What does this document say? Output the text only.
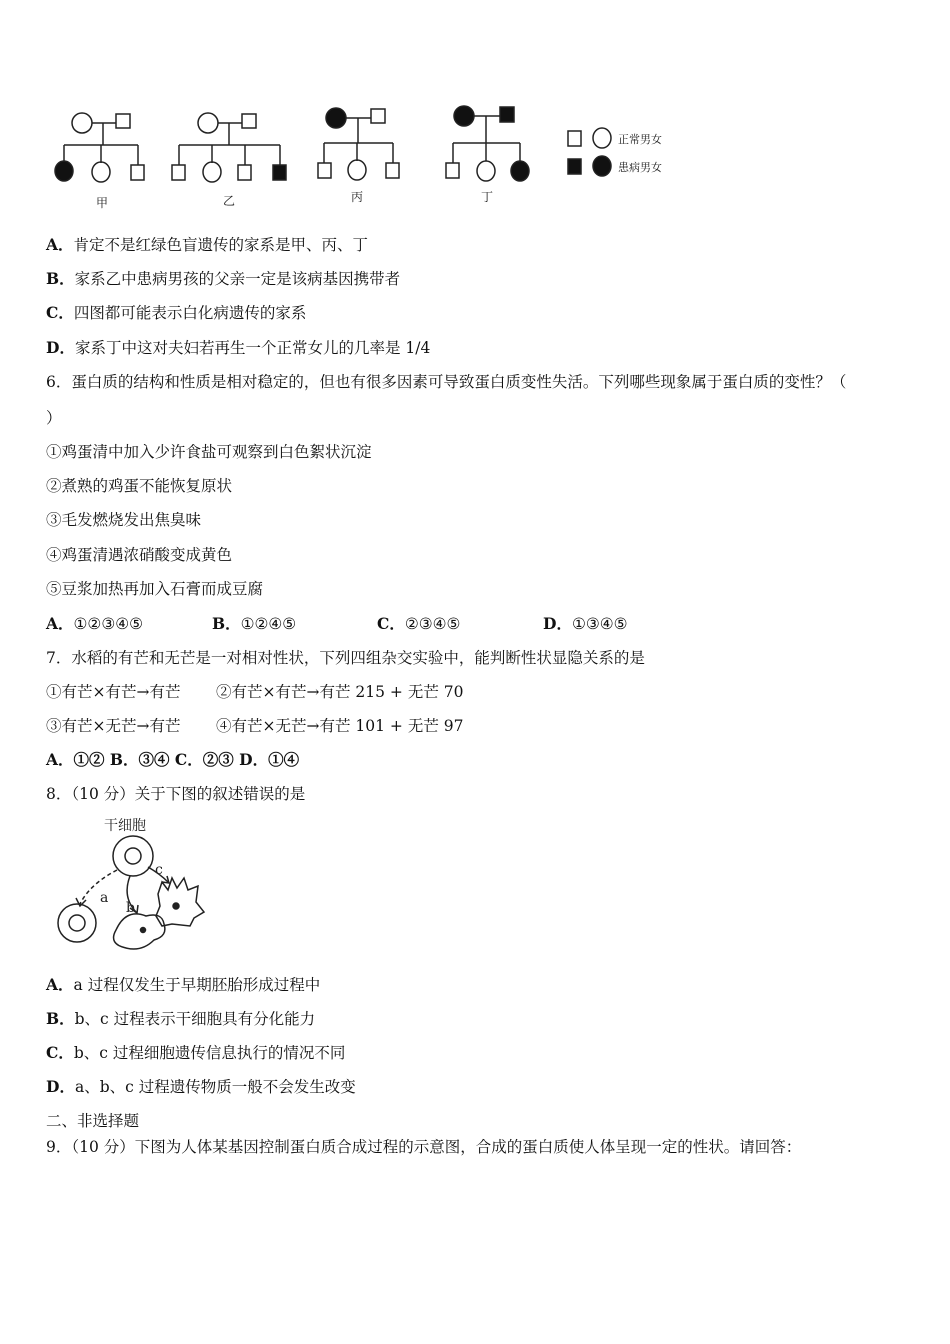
甲	乙	丙	丁
正常男女
患病男女
A．肯定不是红绿色盲遗传的家系是甲、丙、丁
B．家系乙中患病男孩的父亲一定是该病基因携带者
C．四图都可能表示白化病遗传的家系
D．家系丁中这对夫妇若再生一个正常女儿的几率是 1/4
6．蛋白质的结构和性质是相对稳定的，但也有很多因素可导致蛋白质变性失活。下列哪些现象属于蛋白质的变性？（
）
①鸡蛋清中加入少许食盐可观察到白色絮状沉淀
②煮熟的鸡蛋不能恢复原状
③毛发燃烧发出焦臭味
④鸡蛋清遇浓硝酸变成黄色
⑤豆浆加热再加入石膏而成豆腐
A．①②③④⑤	B．①②④⑤	C．②③④⑤	D．①③④⑤
7．水稻的有芒和无芒是一对相对性状，下列四组杂交实验中，能判断性状显隐关系的是
①有芒×有芒→有芒 ②有芒×有芒→有芒 215 + 无芒 70
③有芒×无芒→有芒 ④有芒×无芒→有芒 101 + 无芒 97
A．①② B．③④ C．②③ D．①④
8．（10 分）关于下图的叙述错误的是
干细胞
a
b
c
A．a 过程仅发生于早期胚胎形成过程中
B．b、c 过程表示干细胞具有分化能力
C．b、c 过程细胞遗传信息执行的情况不同
D．a、b、c 过程遗传物质一般不会发生改变
二、非选择题
9．（10 分）下图为人体某基因控制蛋白质合成过程的示意图，合成的蛋白质使人体呈现一定的性状。请回答：
